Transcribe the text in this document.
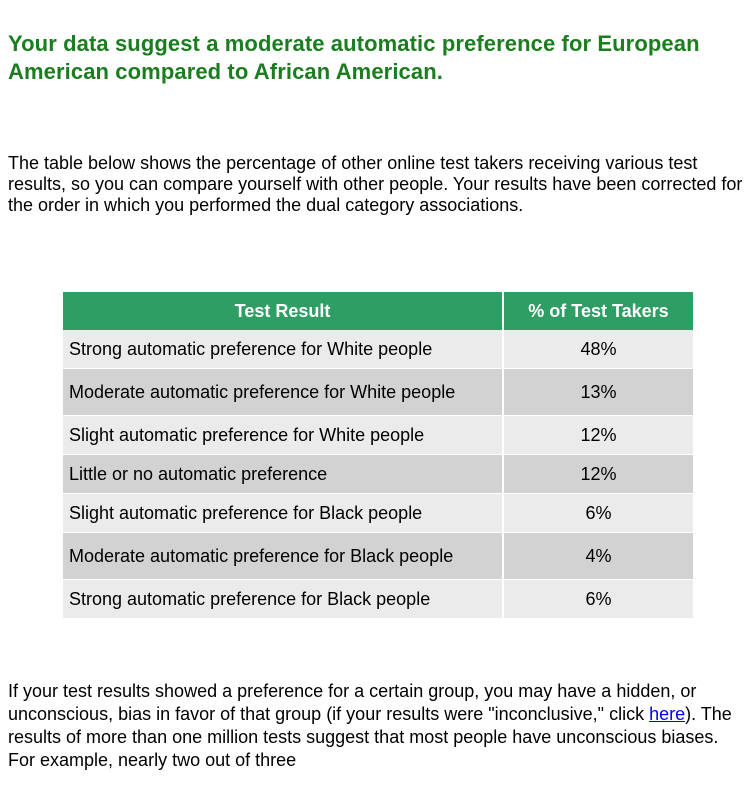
Your data suggest a moderate automatic preference for European American compared to African American.

The table below shows the percentage of other online test takers receiving various test results, so you can compare yourself with other people. Your results have been corrected for the order in which you performed the dual category associations.

Test Result	% of Test Takers
Strong automatic preference for White people	48%
Moderate automatic preference for White people	13%
Slight automatic preference for White people	12%
Little or no automatic preference	12%
Slight automatic preference for Black people	6%
Moderate automatic preference for Black people	4%
Strong automatic preference for Black people	6%

If your test results showed a preference for a certain group, you may have a hidden, or unconscious, bias in favor of that group (if your results were "inconclusive," click here). The results of more than one million tests suggest that most people have unconscious biases. For example, nearly two out of three
